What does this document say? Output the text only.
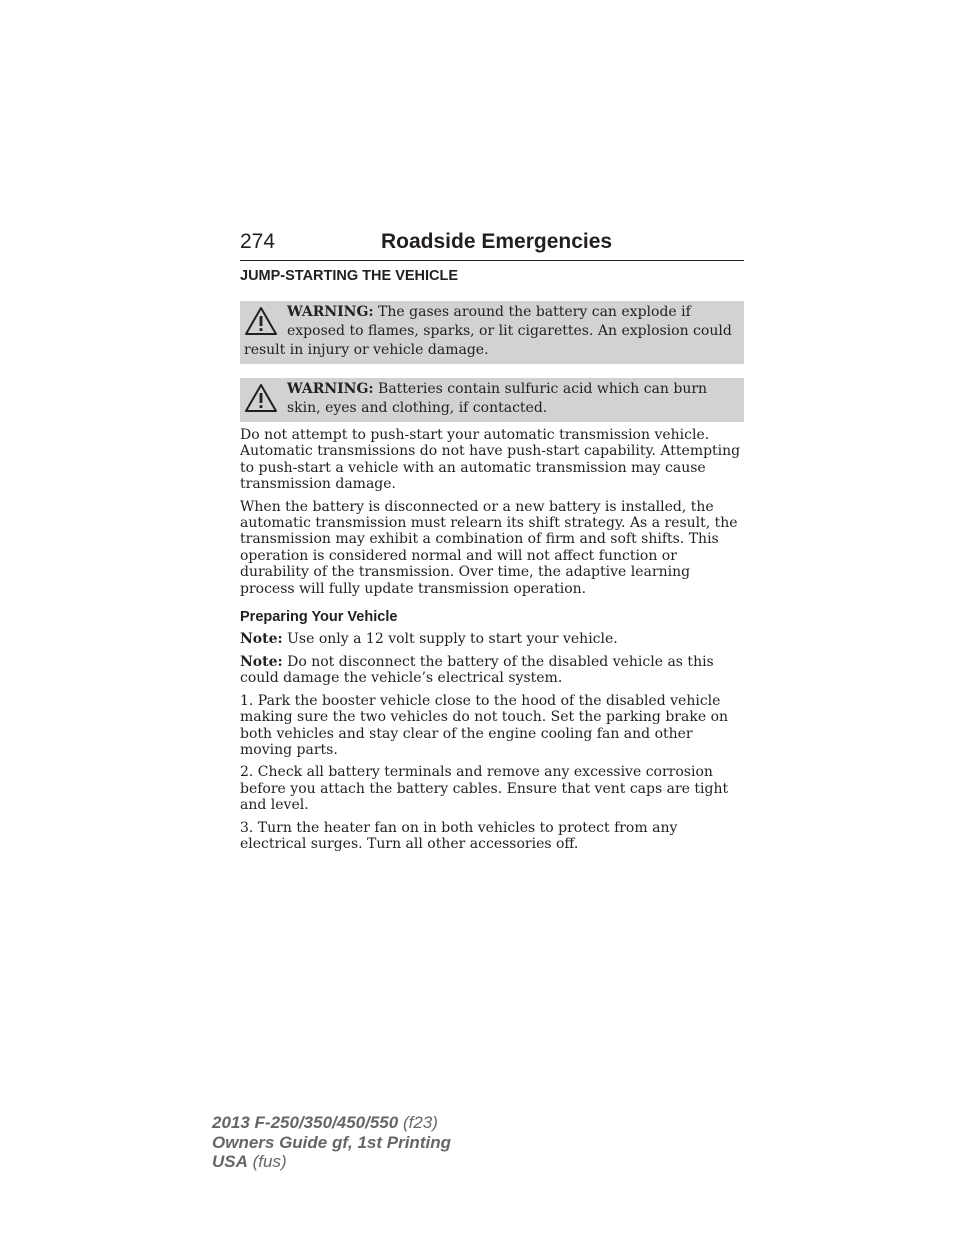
274	Roadside Emergencies
JUMP-STARTING THE VEHICLE
WARNING: The gases around the battery can explode if exposed to flames, sparks, or lit cigarettes. An explosion could result in injury or vehicle damage.
WARNING: Batteries contain sulfuric acid which can burn skin, eyes and clothing, if contacted.

Do not attempt to push-start your automatic transmission vehicle. Automatic transmissions do not have push-start capability. Attempting to push-start a vehicle with an automatic transmission may cause transmission damage.

When the battery is disconnected or a new battery is installed, the automatic transmission must relearn its shift strategy. As a result, the transmission may exhibit a combination of firm and soft shifts. This operation is considered normal and will not affect function or durability of the transmission. Over time, the adaptive learning process will fully update transmission operation.

Preparing Your Vehicle

Note: Use only a 12 volt supply to start your vehicle.

Note: Do not disconnect the battery of the disabled vehicle as this could damage the vehicle’s electrical system.

1. Park the booster vehicle close to the hood of the disabled vehicle making sure the two vehicles do not touch. Set the parking brake on both vehicles and stay clear of the engine cooling fan and other moving parts.

2. Check all battery terminals and remove any excessive corrosion before you attach the battery cables. Ensure that vent caps are tight and level.

3. Turn the heater fan on in both vehicles to protect from any electrical surges. Turn all other accessories off.

2013 F-250/350/450/550 (f23)
Owners Guide gf, 1st Printing
USA (fus)
